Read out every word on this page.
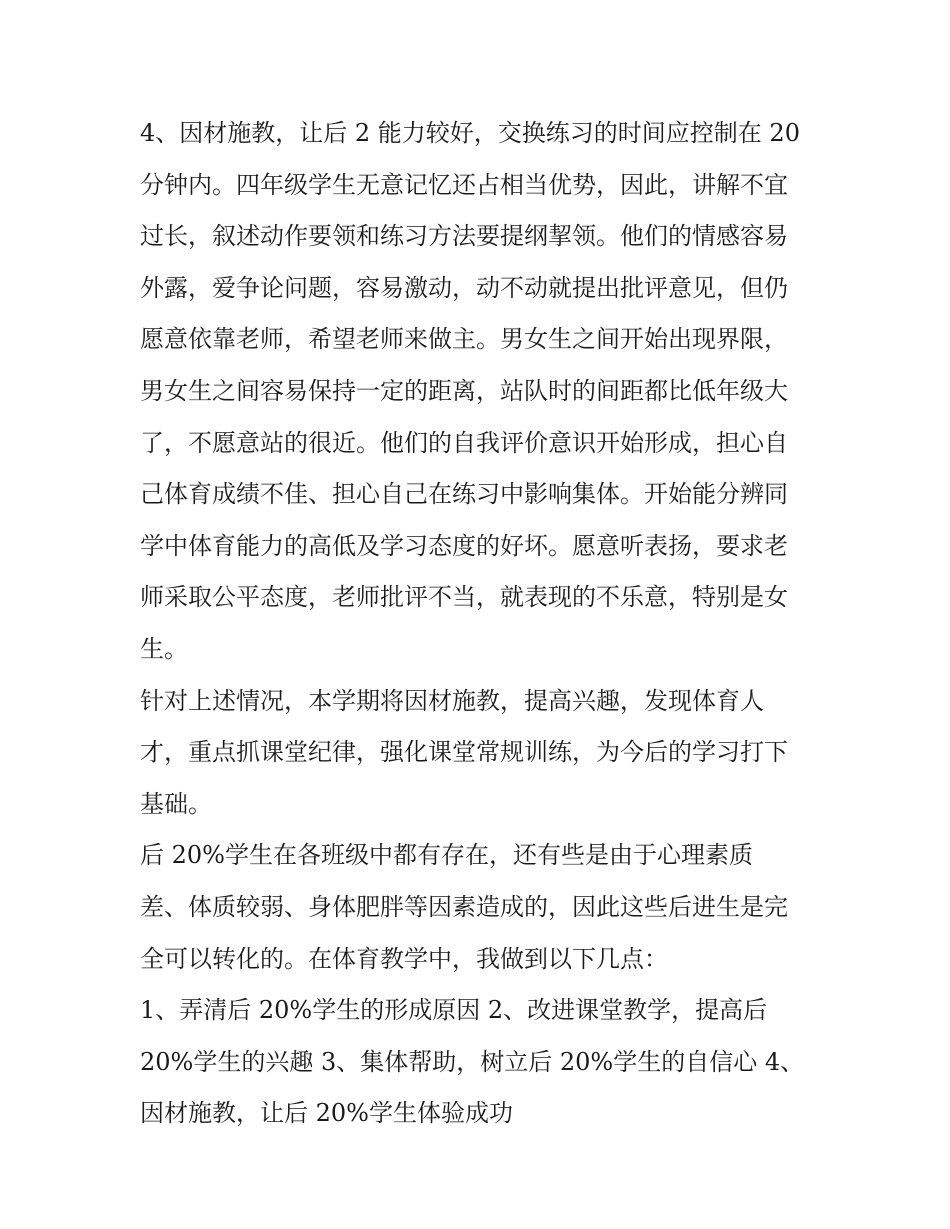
4、因材施教，让后 2 能力较好，交换练习的时间应控制在 20
分钟内。四年级学生无意记忆还占相当优势，因此，讲解不宜
过长，叙述动作要领和练习方法要提纲挈领。他们的情感容易
外露，爱争论问题，容易激动，动不动就提出批评意见，但仍
愿意依靠老师，希望老师来做主。男女生之间开始出现界限，
男女生之间容易保持一定的距离，站队时的间距都比低年级大
了，不愿意站的很近。他们的自我评价意识开始形成，担心自
己体育成绩不佳、担心自己在练习中影响集体。开始能分辨同
学中体育能力的高低及学习态度的好坏。愿意听表扬，要求老
师采取公平态度，老师批评不当，就表现的不乐意，特别是女
生。
针对上述情况，本学期将因材施教，提高兴趣，发现体育人
才，重点抓课堂纪律，强化课堂常规训练，为今后的学习打下
基础。
后 20%学生在各班级中都有存在，还有些是由于心理素质
差、体质较弱、身体肥胖等因素造成的，因此这些后进生是完
全可以转化的。在体育教学中，我做到以下几点：
1、弄清后 20%学生的形成原因 2、改进课堂教学，提高后
20%学生的兴趣 3、集体帮助，树立后 20%学生的自信心 4、
因材施教，让后 20%学生体验成功
